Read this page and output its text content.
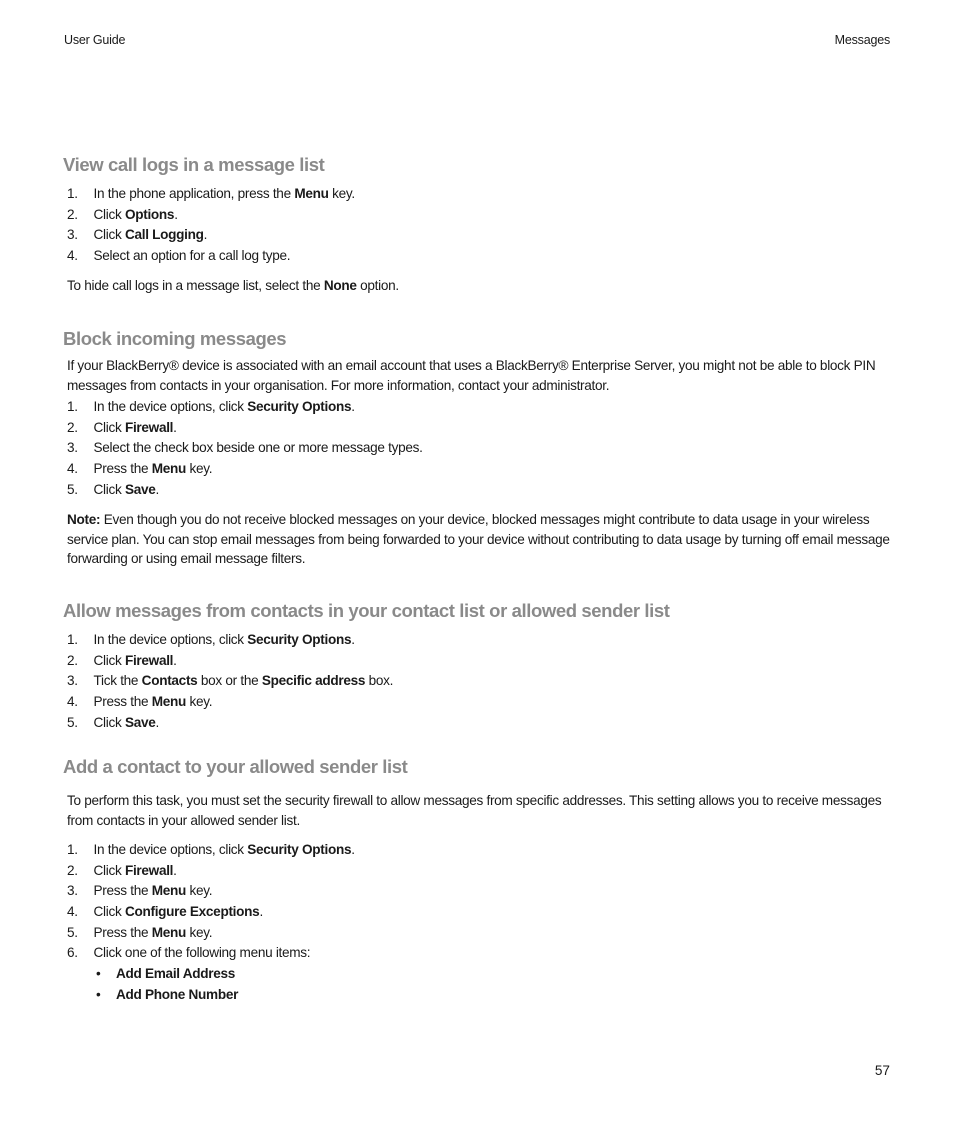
User Guide	Messages
View call logs in a message list
1. In the phone application, press the Menu key.
2. Click Options.
3. Click Call Logging.
4. Select an option for a call log type.

To hide call logs in a message list, select the None option.

Block incoming messages

If your BlackBerry® device is associated with an email account that uses a BlackBerry® Enterprise Server, you might not be able to block PIN messages from contacts in your organisation. For more information, contact your administrator.

1. In the device options, click Security Options.
2. Click Firewall.
3. Select the check box beside one or more message types.
4. Press the Menu key.
5. Click Save.

Note: Even though you do not receive blocked messages on your device, blocked messages might contribute to data usage in your wireless service plan. You can stop email messages from being forwarded to your device without contributing to data usage by turning off email message forwarding or using email message filters.

Allow messages from contacts in your contact list or allowed sender list
1. In the device options, click Security Options.
2. Click Firewall.
3. Tick the Contacts box or the Specific address box.
4. Press the Menu key.
5. Click Save.
Add a contact to your allowed sender list

To perform this task, you must set the security firewall to allow messages from specific addresses. This setting allows you to receive messages from contacts in your allowed sender list.

1. In the device options, click Security Options.
2. Click Firewall.
3. Press the Menu key.
4. Click Configure Exceptions.
5. Press the Menu key.
6. Click one of the following menu items:
• Add Email Address
• Add Phone Number
57
